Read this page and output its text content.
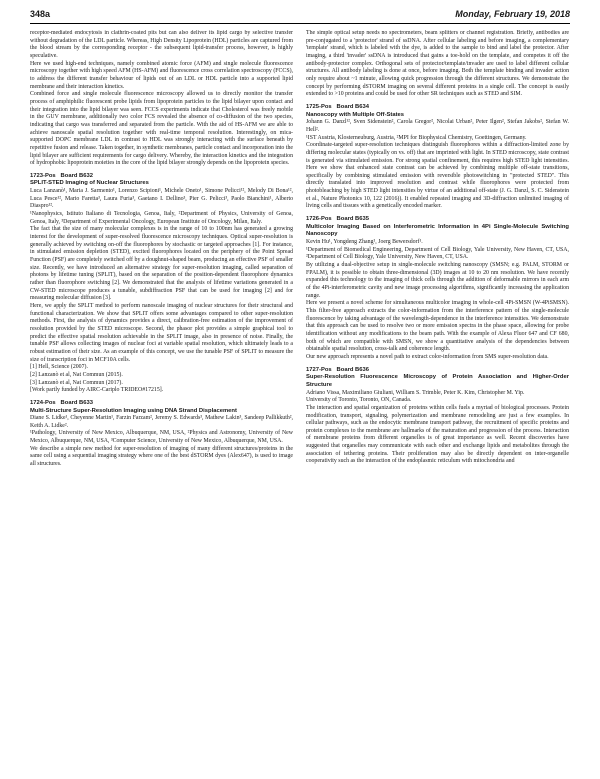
348a	Monday, February 19, 2018

receptor-mediated endocytosis in clathrin-coated pits but can also deliver its lipid cargo by selective transfer without degradation of the LDL particle. Whereas, High Density Lipoprotein (HDL) particles are captured from the blood stream by the corresponding receptor - the subsequent lipid-transfer process, however, is highly speculative.

Here we used high-end techniques, namely combined atomic force (AFM) and single molecule fluorescence microscopy together with high speed AFM (HS-AFM) and fluorescence cross correlation spectroscopy (FCCS), to address the different transfer behaviour of lipids out of an LDL or HDL particle into a supported lipid membrane and their interaction kinetics.

Combined force and single molecule fluorescence microscopy allowed us to directly monitor the transfer process of amphiphilic fluorescent probe lipids from lipoprotein particles to the lipid bilayer upon contact and their integration into the lipid bilayer was seen. FCCS experiments indicate that Cholesterol was freely mobile in the GUV membrane, additionally two color FCS revealed the absence of co-diffusion of the two species, indicating that cargo was transferred and separated from the particle. With the aid of HS-AFM we are able to achieve nanoscale spatial resolution together with real-time temporal resolution. Interestingly, on mica-supported DOPC membrane LDL in contrast to HDL was strongly interacting with the surface beneath by repetitive fusion and release. Taken together, in synthetic membranes, particle contact and incorporation into the lipid bilayer are sufficient requirements for cargo delivery. Whereby, the interaction kinetics and the integration of hydrophobic lipoprotein moieties in the core of the lipid bilayer strongly depends on the lipoprotein species.

1723-Pos Board B632

SPLIT-STED Imaging of Nuclear Structures

Luca Lanzanò¹, Maria J. Sarmento¹, Lorenzo Scipioni¹, Michele Oneto¹, Simone Pelicci¹², Melody Di Bona¹², Luca Pesce¹², Mario Faretta³, Laura Furia³, Gaetano I. Dellino³, Pier G. Pelicci³, Paolo Bianchini¹, Alberto Diaspro¹².

¹Nanophysics, Istituto Italiano di Tecnologia, Genoa, Italy, ²Department of Physics, University of Genoa, Genoa, Italy, ³Department of Experimental Oncology, European Institute of Oncology, Milan, Italy.

The fact that the size of many molecular complexes is in the range of 10 to 100nm has generated a growing interest for the development of super-resolved fluorescence microscopy techniques. Optical super-resolution is generally achieved by switching on-off the fluorophores by stochastic or targeted approaches [1]. For instance, in stimulated emission depletion (STED), excited fluorophores located on the periphery of the Point Spread Function (PSF) are completely switched off by a doughnut-shaped beam, producing an effective PSF of smaller size. Recently, we have introduced an alternative strategy for super-resolution imaging, called separation of photons by lifetime tuning (SPLIT), based on the separation of the position-dependent fluorophore dynamics rather than fluorophore switching [2]. We demonstrated that the analysis of lifetime variations generated in a CW-STED microscope produces a tunable, subdiffraction PSF that can be used for imaging [2] and for measuring molecular diffusion [3].

Here, we apply the SPLIT method to perform nanoscale imaging of nuclear structures for their structural and functional characterization. We show that SPLIT offers some advantages compared to other super-resolution methods. First, the analysis of dynamics provides a direct, calibration-free estimation of the improvement of resolution provided by the STED microscope. Second, the phasor plot provides a simple graphical tool to predict the effective spatial resolution achievable in the SPLIT image, also in presence of noise. Finally, the tunable PSF allows collecting images of nuclear foci at variable spatial resolution, which ultimately leads to a robust estimation of their size. As an example of this concept, we use the tunable PSF of SPLIT to measure the size of transcription foci in MCF10A cells.

[1] Hell, Science (2007).
[2] Lanzanò et al, Nat Commun (2015).
[3] Lanzanò et al, Nat Commun (2017).
[Work partly funded by AIRC-Cariplo TRIDEO#17215].

1724-Pos Board B633

Multi-Structure Super-Resolution Imaging using DNA Strand Displacement

Diane S. Lidke¹, Cheyenne Martin¹, Farzin Farzam², Jeremy S. Edwards³, Mathew Lakin³, Sandeep Pallikkuth², Keith A. Lidke².

¹Pathology, University of New Mexico, Albuquerque, NM, USA, ²Physics and Astronomy, University of New Mexico, Albuquerque, NM, USA, ³Computer Science, University of New Mexico, Albuquerque, NM, USA.

We describe a simple new method for super-resolution of imaging of many different structures/proteins in the same cell using a sequential imaging strategy where one of the best dSTORM dyes (Alex647), is used to image all structures.

The simple optical setup needs no spectrometers, beam splitters or channel registration. Briefly, antibodies are pre-conjugated to a 'protector' strand of ssDNA. After cellular labeling and before imaging, a complementary 'template' strand, which is labeled with the dye, is added to the sample to bind and label the protector. After imaging, a third 'invader' ssDNA is introduced that gains a toe-hold on the template, and competes it off the antibody-protector complex. Orthogonal sets of protector/template/invader are used to label different cellular structures. All antibody labeling is done at once, before imaging. Both the template binding and invader action only require about ~1 minute, allowing quick progression through the different structures. We demonstrate the concept by performing dSTORM imaging on several different proteins in a single cell. The concept is easily extended to >10 proteins and could be used for other SR techniques such as STED and SIM.

1725-Pos Board B634

Nanoscopy with Multiple Off-States

Johann G. Danzl¹², Sven Sidenstein², Carola Gregor², Nicolai Urban², Peter Ilgen², Stefan Jakobs², Stefan W. Hell².

¹IST Austria, Klosterneuburg, Austria, ²MPI for Biophysical Chemistry, Goettingen, Germany.

Coordinate-targeted super-resolution techniques distinguish fluorophores within a diffraction-limited zone by differing molecular states (typically on vs. off) that are imprinted with light. In STED microscopy, state contrast is generated via stimulated emission. For strong spatial confinement, this requires high STED light intensities. Here we show that enhanced state contrast can be achieved by combining multiple off-state transitions, specifically by combining stimulated emission with reversible photoswitching in "protected STED". This directly translated into improved resolution and contrast while fluorophores were protected from photobleaching by high STED light intensities by virtue of an additional off-state (J. G. Danzl, S. C. Sidenstein et al., Nature Photonics 10, 122 (2016)). It enabled repeated imaging and 3D-diffraction unlimited imaging of living cells and tissues with a genetically encoded marker.

1726-Pos Board B635

Multicolor Imaging Based on Interferometric Information in 4Pi Single-Molecule Switching Nanoscopy

Kevin Hu¹, Yongdeng Zhang¹, Joerg Bewersdorf¹.

¹Department of Biomedical Engineering, Department of Cell Biology, Yale University, New Haven, CT, USA, ²Department of Cell Biology, Yale University, New Haven, CT, USA.

By utilizing a dual-objective setup in single-molecule switching nanoscopy (SMSN; e.g. PALM, STORM or FPALM), it is possible to obtain three-dimensional (3D) images at 10 to 20 nm resolution. We have recently expanded this technology to the imaging of thick cells through the addition of deformable mirrors in each arm of the 4Pi-interferometric cavity and new image processing algorithms, significantly increasing the application range.

Here we present a novel scheme for simultaneous multicolor imaging in whole-cell 4Pi-SMSN (W-4PiSMSN). This filter-free approach extracts the color-information from the interference pattern of the single-molecule fluorescence by taking advantage of the wavelength-dependence in the interference intensities. We demonstrate that this approach can be used to resolve two or more emission spectra in the phase space, allowing for probe identification without any modifications to the beam path. With the example of Alexa Fluor 647 and CF 680, both of which are compatible with SMSN, we show a quantitative analysis of the dependencies between obtainable spatial resolution, cross-talk and coherence length.

Our new approach represents a novel path to extract color-information from SMS super-resolution data.

1727-Pos Board B636

Super-Resolution Fluorescence Microscopy of Protein Association and Higher-Order Structure

Adriano Vissa, Maximiliano Giuliani, William S. Trimble, Peter K. Kim, Christopher M. Yip.

University of Toronto, Toronto, ON, Canada.

The interaction and spatial organization of proteins within cells fuels a myriad of biological processes. Protein modification, transport, signaling, polymerization and membrane remodeling are just a few examples. In cellular pathways, such as the endocytic membrane transport pathway, the recruitment of specific proteins and protein complexes to the membrane are hallmarks of the maturation and progression of the process. Interaction of membrane proteins from different organelles is of great importance as well. Recent discoveries have suggested that organelles may communicate with each other and exchange lipids and metabolites through the association of tethering proteins. Their proliferation may also be directly dependent on inter-organelle cooperativity such as the interaction of the endoplasmic reticulum with mitochondria and
